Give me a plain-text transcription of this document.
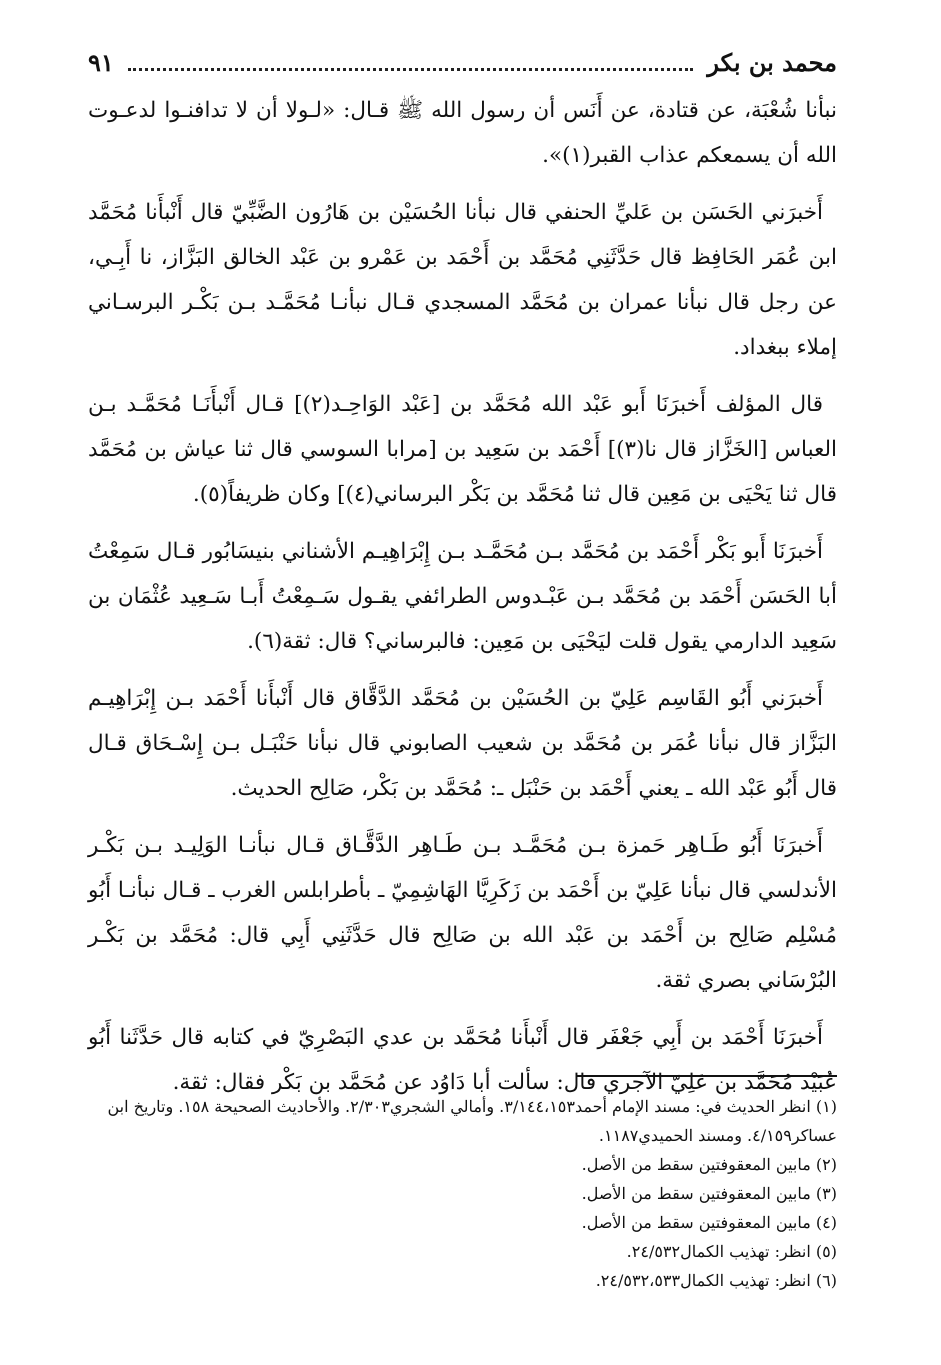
محمد بن بكر
٩١

نبأنا شُعْبَة، عن قتادة، عن أَنَس أن رسول الله ﷺ قـال: «لـولا أن لا تدافنـوا لدعـوت الله أن يسمعكم عذاب القبر(١)».

أَخبرَني الحَسَن بن عَليِّ الحنفي قال نبأنا الحُسَيْن بن هَارُون الضَّبِّيّ قال أَنْبأَنا مُحَمَّد ابن عُمَر الحَافِظ قال حَدَّثَنِي مُحَمَّد بن أَحْمَد بن عَمْرو بن عَبْد الخالق البَزَّاز، نا أَبِـي، عن رجل قال نبأنا عمران بن مُحَمَّد المسجدي قـال نبأنـا مُحَمَّـد بـن بَكْـر البرسـاني إملاء ببغداد.

قال المؤلف أَخبرَنَا أَبو عَبْد الله مُحَمَّد بن [عَبْد الوَاحِـد(٢)] قـال أَنْبأَنَـا مُحَمَّـد بـن العباس [الخَزَّاز قال نا(٣)] أَحْمَد بن سَعِيد بن [مرابا السوسي قال ثنا عياش بن مُحَمَّد قال ثنا يَحْيَى بن مَعِين قال ثنا مُحَمَّد بن بَكْر البرساني(٤)] وكان ظريفاً(٥).

أَخبرَنَا أَبو بَكْر أَحْمَد بن مُحَمَّد بـن مُحَمَّـد بـن إِبْرَاهِيـم الأشناني بنيسَابُور قـال سَمِعْتُ أبا الحَسَن أَحْمَد بن مُحَمَّد بـن عَبْـدوس الطرائفي يقـول سَـمِعْتُ أَبـا سَـعِيد عُثْمَان بن سَعِيد الدارمي يقول قلت ليَحْيَى بن مَعِين: فالبرساني؟ قال: ثقة(٦).

أَخبرَني أَبُو القَاسِم عَلِيّ بن الحُسَيْن بن مُحَمَّد الدَّقَّاق قال أَنْبأَنا أَحْمَد بـن إِبْرَاهِيـم البَزَّاز قال نبأنا عُمَر بن مُحَمَّد بن شعيب الصابوني قال نبأنا حَنْبَـل بـن إِسْـحَاق قـال قال أَبُو عَبْد الله ـ يعني أَحْمَد بن حَنْبَل ـ: مُحَمَّد بن بَكْر، صَالِح الحديث.

أَخبرَنَا أَبُو طَـاهِر حَمزة بـن مُحَمَّـد بـن طَـاهِر الدَّقَّـاق قـال نبأنـا الوَلِيـد بـن بَكْـر الأندلسي قال نبأنا عَلِيّ بن أَحْمَد بن زَكَرِيَّا الهَاشِمِيّ ـ بأطرابلس الغرب ـ قـال نبأنـا أَبُو مُسْلِم صَالِح بن أَحْمَد بن عَبْد الله بن صَالِح قال حَدَّثَنِي أَبِي قال: مُحَمَّد بن بَكْـر البُرْسَاني بصري ثقة.

أَخبرَنَا أَحْمَد بن أَبِي جَعْفَر قال أَنْبأَنا مُحَمَّد بن عدي البَصْرِيّ في كتابه قال حَدَّثَنا أَبُو عُبَيْد مُحَمَّد بن عَلِيّ الآجري قال: سألت أبا دَاوُد عن مُحَمَّد بن بَكْر فقال: ثقة.

(١) انظر الحديث في: مسند الإمام أحمد٣/١٤٤،١٥٣. وأمالي الشجري٢/٣٠٣. والأحاديث الصحيحة ١٥٨. وتاريخ ابن عساكر٤/١٥٩. ومسند الحميدي١١٨٧.
(٢) مابين المعقوفتين سقط من الأصل.
(٣) مابين المعقوفتين سقط من الأصل.
(٤) مابين المعقوفتين سقط من الأصل.
(٥) انظر: تهذيب الكمال٢٤/٥٣٢.
(٦) انظر: تهذيب الكمال٢٤/٥٣٢،٥٣٣.
